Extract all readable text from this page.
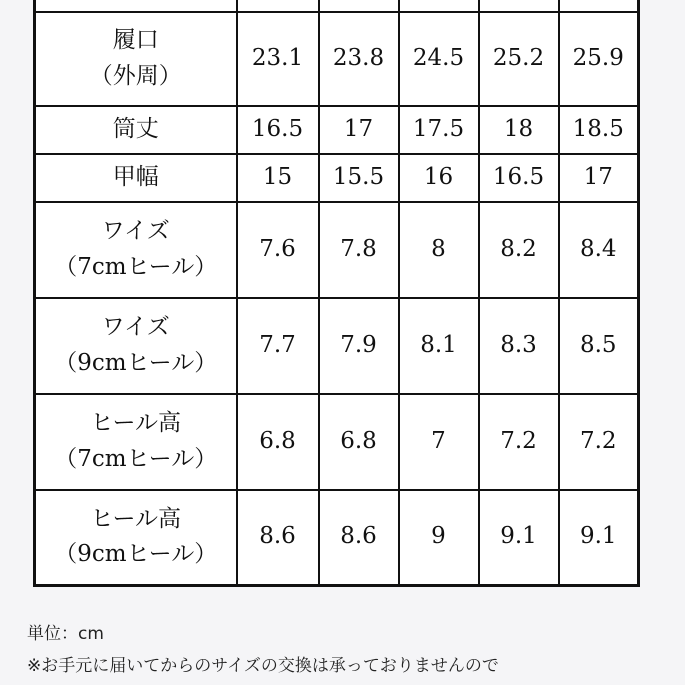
履口
（外周）	23.1	23.8	24.5	25.2	25.9

筒丈	16.5	17	17.5	18	18.5

甲幅	15	15.5	16	16.5	17

ワイズ
（7cmヒール）	7.6	7.8	8	8.2	8.4

ワイズ
（9cmヒール）	7.7	7.9	8.1	8.3	8.5

ヒール高
（7cmヒール）	6.8	6.8	7	7.2	7.2

ヒール高
（9cmヒール）	8.6	8.6	9	9.1	9.1
単位：cm
※お手元に届いてからのサイズの交換は承っておりませんので
